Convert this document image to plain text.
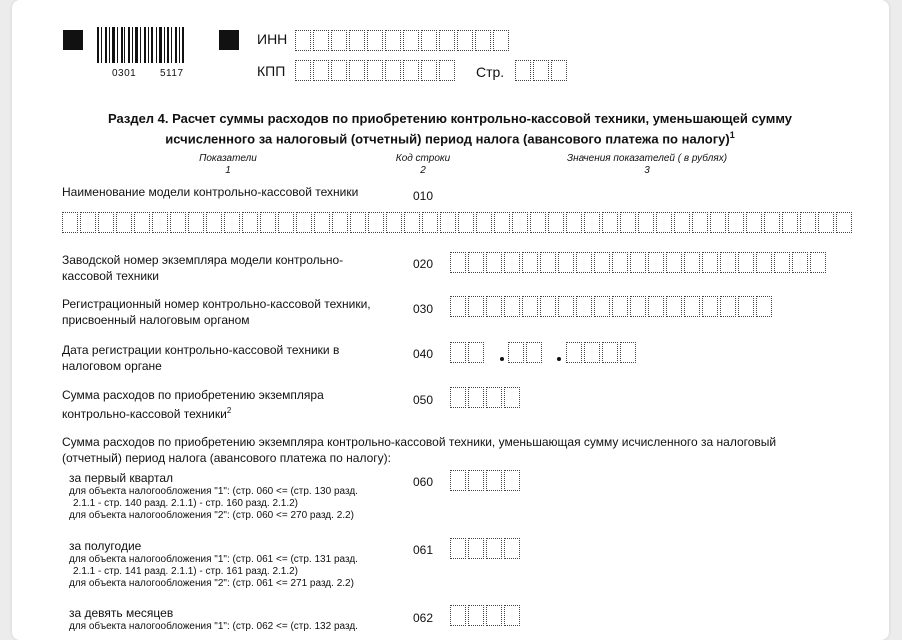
0301 5117
ИНН
КПП	Стр.
Раздел 4. Расчет суммы расходов по приобретению контрольно-кассовой техники, уменьшающей сумму
исчисленного за налоговый (отчетный) период налога (авансового платежа по налогу)$^1$
Показатели
1
Код строки
2
Значения показателей ( в рублях)
3
Наименование модели контрольно-кассовой техники	010
Заводской номер экземпляра модели контрольно-
кассовой техники
020
Регистрационный номер контрольно-кассовой техники,
присвоенный налоговым органом
030
Дата регистрации контрольно-кассовой техники в
налоговом органе
040
Сумма расходов по приобретению экземпляра
контрольно-кассовой техники$^2$
050
Сумма расходов по приобретению экземпляра контрольно-кассовой техники, уменьшающая сумму исчисленного за налоговый
(отчетный) период налога (авансового платежа по налогу):
за первый квартал
для объекта налогообложения "1": (стр. 060 <= (стр. 130 разд.
2.1.1 - стр. 140 разд. 2.1.1) - стр. 160 разд. 2.1.2)
для объекта налогообложения "2": (стр. 060 <= 270 разд. 2.2)
060
за полугодие
для объекта налогообложения "1": (стр. 061 <= (стр. 131 разд.
2.1.1 - стр. 141 разд. 2.1.1) - стр. 161 разд. 2.1.2)
для объекта налогообложения "2": (стр. 061 <= 271 разд. 2.2)
061
за девять месяцев
для объекта налогообложения "1": (стр. 062 <= (стр. 132 разд.
062
